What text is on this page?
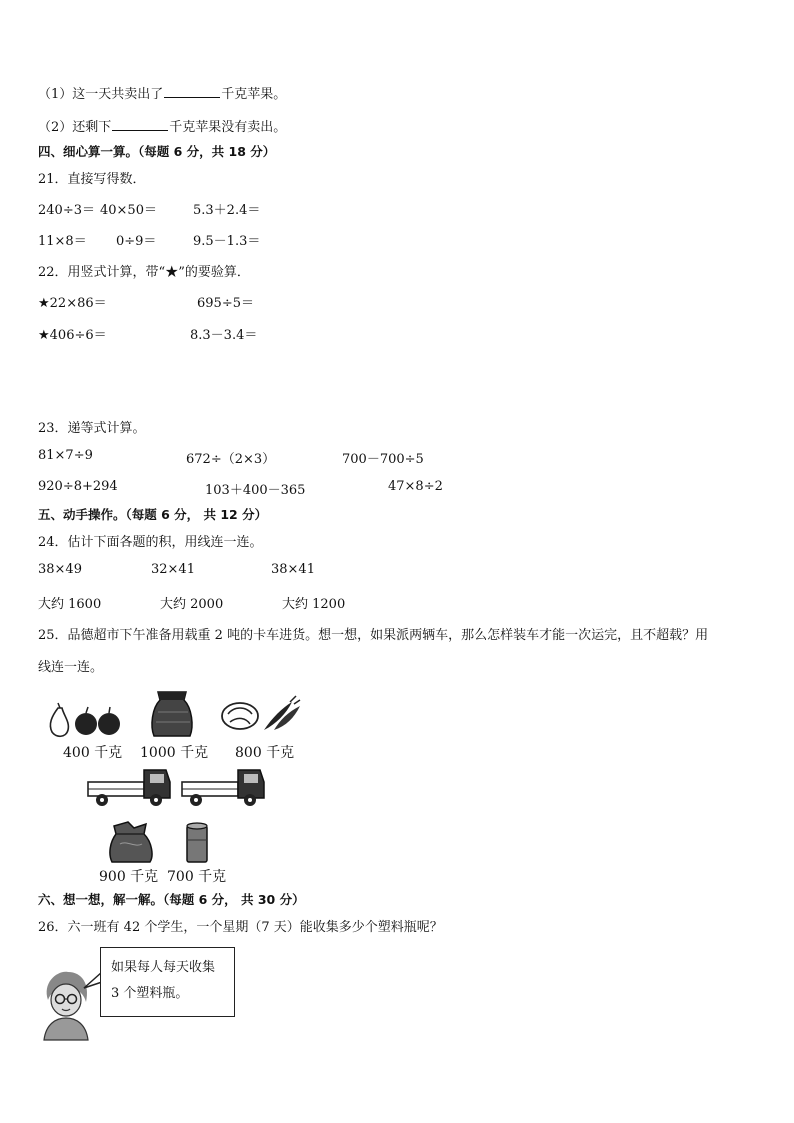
（1）这一天共卖出了	千克苹果。
（2）还剩下	千克苹果没有卖出。
四、细心算一算。（每题 6 分，共 18 分）
21．直接写得数．
240÷3＝ 40×50＝	5.3＋2.4＝
11×8＝ 0÷9＝	9.5－1.3＝
22．用竖式计算，带“★”的要验算．
★22×86＝	695÷5＝
★406÷6＝	8.3－3.4＝
23．递等式计算。
81×7÷9	672÷（2×3）	700－700÷5
920÷8+294	103＋400－365	47×8÷2
五、动手操作。（每题 6 分， 共 12 分）
24．估计下面各题的积，用线连一连。
38×49	32×41	38×41
大约 1600	大约 2000	大约 1200
25．品德超市下午准备用载重 2 吨的卡车进货。想一想，如果派两辆车，那么怎样装车才能一次运完，且不超载？用
线连一连。
400 千克 1000 千克 800 千克
900 千克 700 千克
六、想一想，解一解。（每题 6 分， 共 30 分）
26．六一班有 42 个学生，一个星期（7 天）能收集多少个塑料瓶呢？
如果每人每天收集
3 个塑料瓶。
